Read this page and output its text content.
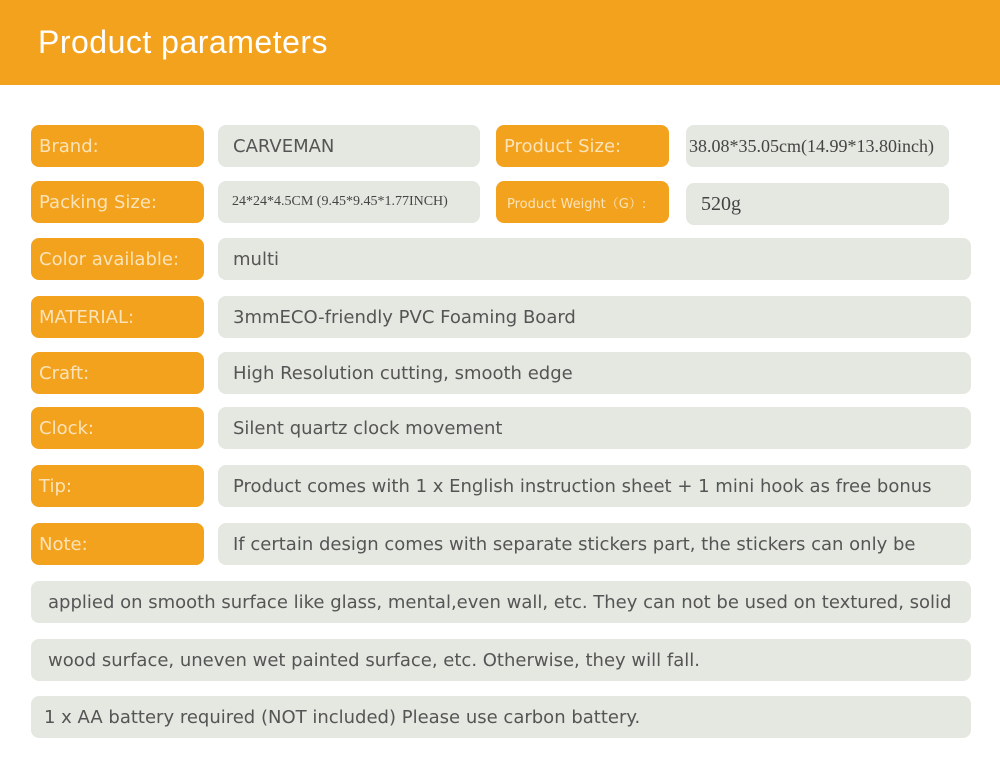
Product parameters
Brand:	CARVEMAN	Product Size:	38.08*35.05cm(14.99*13.80inch)
Packing Size:	24*24*4.5CM (9.45*9.45*1.77INCH)	Product Weight（G）:	520g
Color available:	multi
MATERIAL:	3mmECO-friendly PVC Foaming Board
Craft:	High Resolution cutting, smooth edge
Clock:	Silent quartz clock movement
Tip:	Product comes with 1 x English instruction sheet + 1 mini hook as free bonus
Note:	If certain design comes with separate stickers part, the stickers can only be
applied on smooth surface like glass, mental,even wall, etc. They can not be used on textured, solid
wood surface, uneven wet painted surface, etc. Otherwise, they will fall.
1 x AA battery required (NOT included) Please use carbon battery.
